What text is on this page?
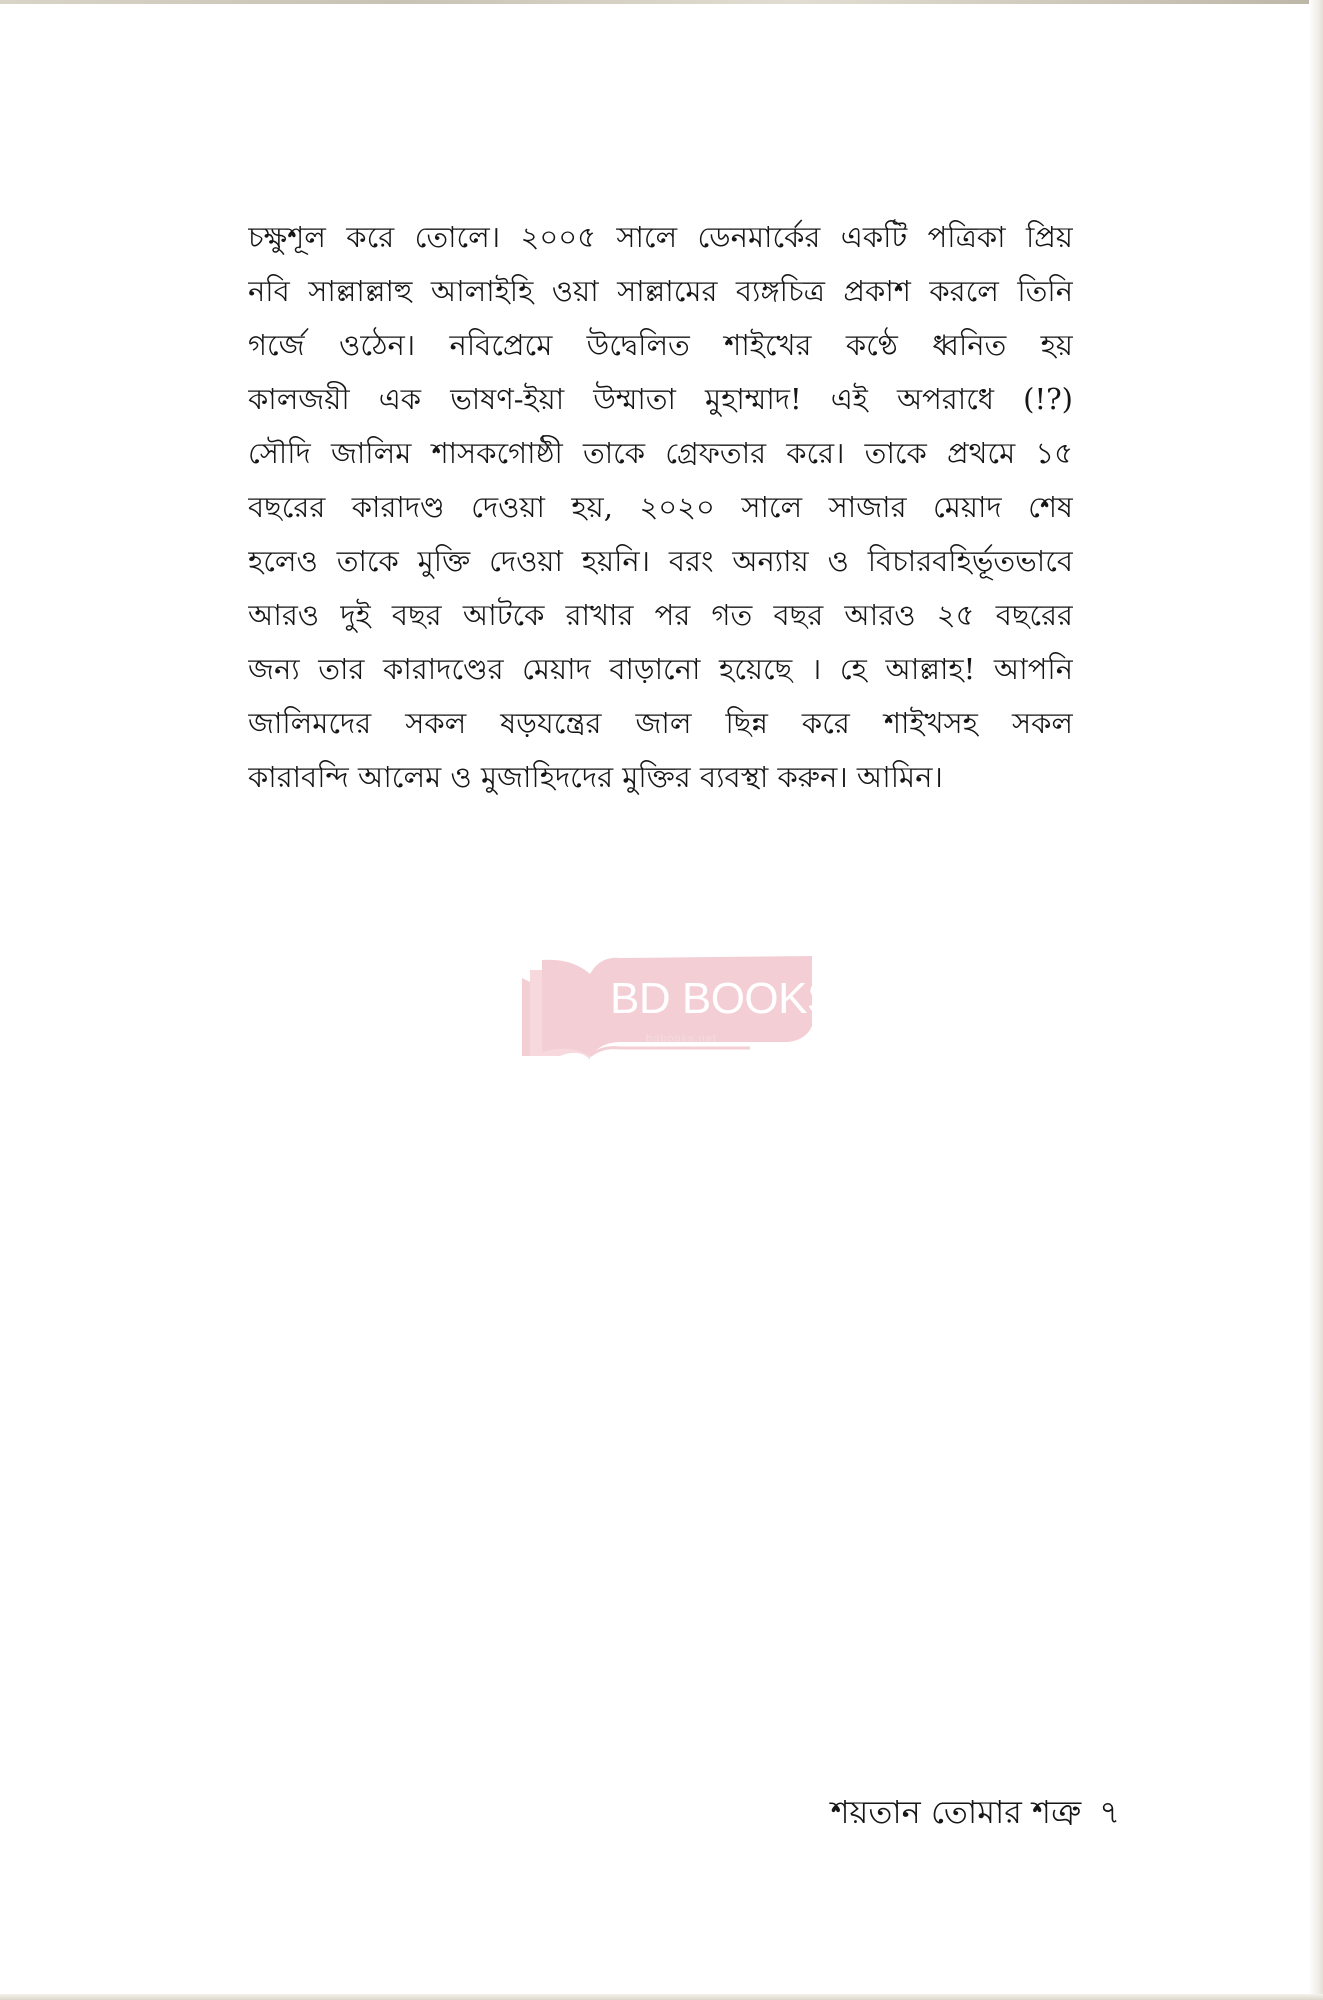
চক্ষুশূল করে তোলে। ২০০৫ সালে ডেনমার্কের একটি পত্রিকা প্রিয়
নবি সাল্লাল্লাহু আলাইহি ওয়া সাল্লামের ব্যঙ্গচিত্র প্রকাশ করলে তিনি
গর্জে ওঠেন। নবিপ্রেমে উদ্বেলিত শাইখের কণ্ঠে ধ্বনিত হয়
কালজয়ী এক ভাষণ-ইয়া উম্মাতা মুহাম্মাদ! এই অপরাধে (!?)
সৌদি জালিম শাসকগোষ্ঠী তাকে গ্রেফতার করে। তাকে প্রথমে ১৫
বছরের কারাদণ্ড দেওয়া হয়, ২০২০ সালে সাজার মেয়াদ শেষ
হলেও তাকে মুক্তি দেওয়া হয়নি। বরং অন্যায় ও বিচারবহির্ভূতভাবে
আরও দুই বছর আটকে রাখার পর গত বছর আরও ২৫ বছরের
জন্য তার কারাদণ্ডের মেয়াদ বাড়ানো হয়েছে । হে আল্লাহ! আপনি
জালিমদের সকল ষড়যন্ত্রের জাল ছিন্ন করে শাইখসহ সকল
কারাবন্দি আলেম ও মুজাহিদদের মুক্তির ব্যবস্থা করুন। আমিন।
BD BOOKS
bdbooks.net
শয়তান তোমার শত্রু ৭
